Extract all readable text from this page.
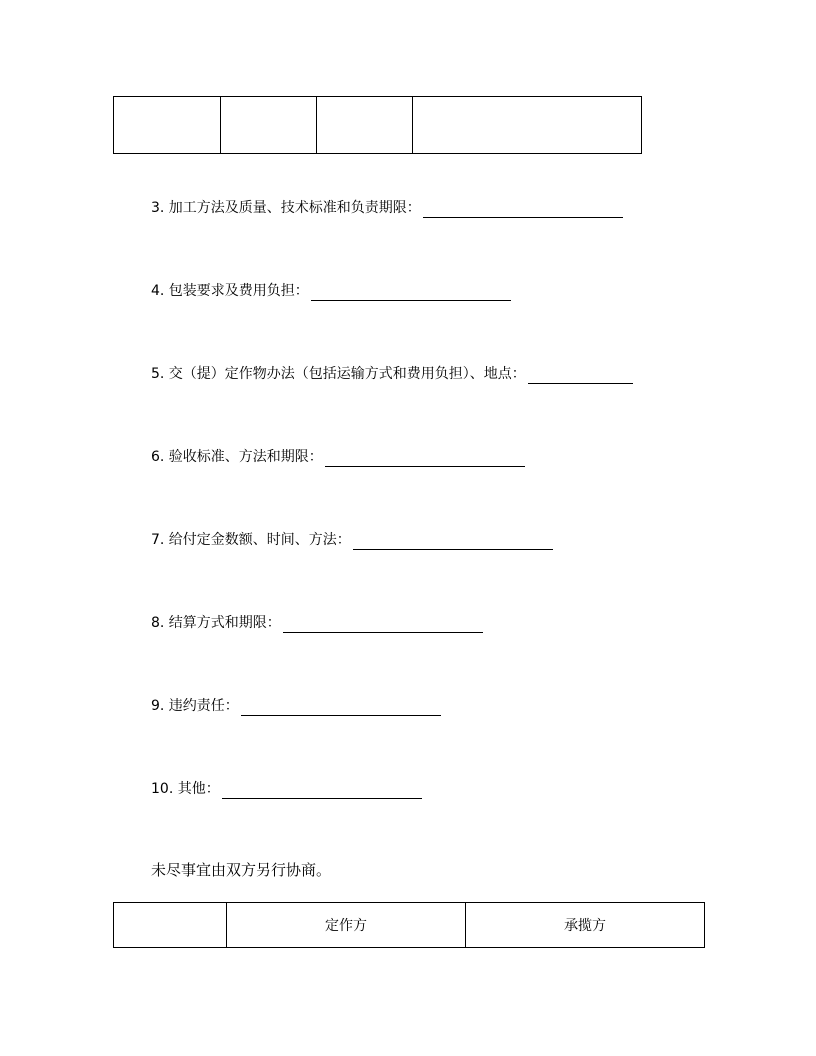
3. 加工方法及质量、技术标准和负责期限：
4. 包装要求及费用负担：
5. 交（提）定作物办法（包括运输方式和费用负担）、地点：
6. 验收标准、方法和期限：
7. 给付定金数额、时间、方法：
8. 结算方式和期限：
9. 违约责任：
10. 其他：
未尽事宜由双方另行协商。
	定作方	承揽方
